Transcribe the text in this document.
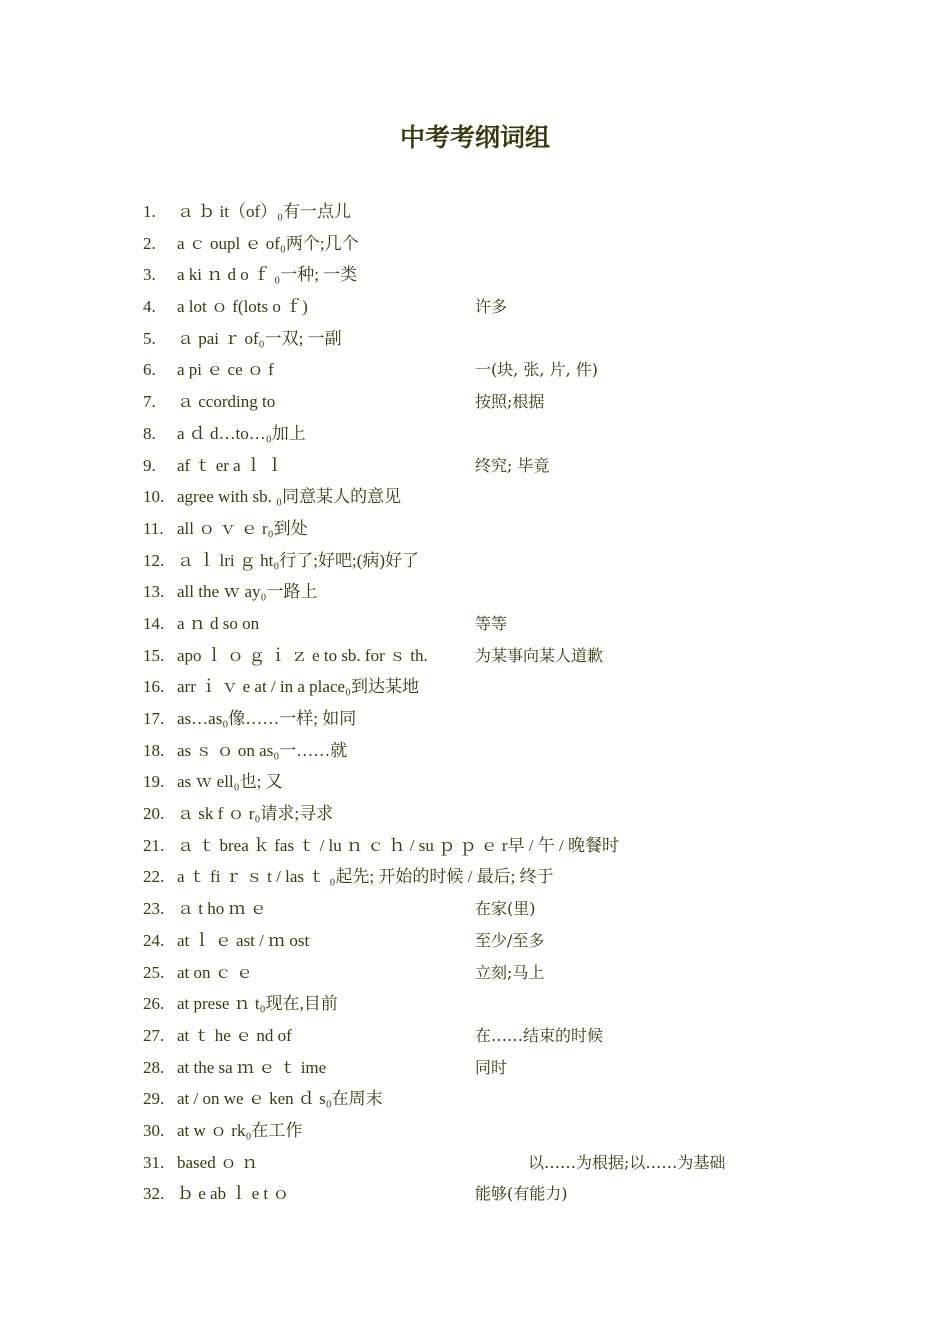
中考考纲词组
1. ａ ｂ it（of）₀有一点儿
2. a ｃ oupl ｅ of₀两个;几个
3. a ki ｎ d o ｆ ₀一种; 一类
4. a lot ｏ f(lots o ｆ)	许多
5. ａ pai ｒ of₀一双; 一副
6. a pi ｅ ce ｏ f	一(块, 张, 片, 件)
7. ａ ccording to	按照;根据
8. a ｄ d…to…₀加上
9. af ｔ er a ｌ ｌ	终究; 毕竟
10. agree with sb. ₀同意某人的意见
11. all ｏ ｖ ｅ r₀到处
12. ａ ｌ lri ｇ ht₀行了;好吧;(病)好了
13. all the ｗ ay₀一路上
14. a ｎ d so on	等等
15. apo ｌ ｏ ｇ ｉ ｚ e to sb. for ｓ th.	为某事向某人道歉
16. arr ｉ ｖ e at / in a place₀到达某地
17. as…as₀像……一样; 如同
18. as ｓ ｏ on as₀一……就
19. as ｗ ell₀也; 又
20. ａ sk f ｏ r₀请求;寻求
21. ａ ｔ brea ｋ fas ｔ / lu ｎ ｃ ｈ / su ｐ ｐ ｅ r早 / 午 / 晚餐时
22. a ｔ fi ｒ ｓ t / las ｔ ₀起先; 开始的时候 / 最后; 终于
23. ａ t ho ｍ ｅ	在家(里)
24. at ｌ ｅ ast / ｍ ost	至少/至多
25. at on ｃ ｅ	立刻;马上
26. at prese ｎ t₀现在,目前
27. at ｔ he ｅ nd of	在……结束的时候
28. at the sa ｍ ｅ ｔ ime	同时
29. at / on we ｅ ken ｄ s₀在周末
30. at w ｏ rk₀在工作
31. based ｏ ｎ	以……为根据;以……为基础
32. ｂ e ab ｌ e t ｏ	能够(有能力)
